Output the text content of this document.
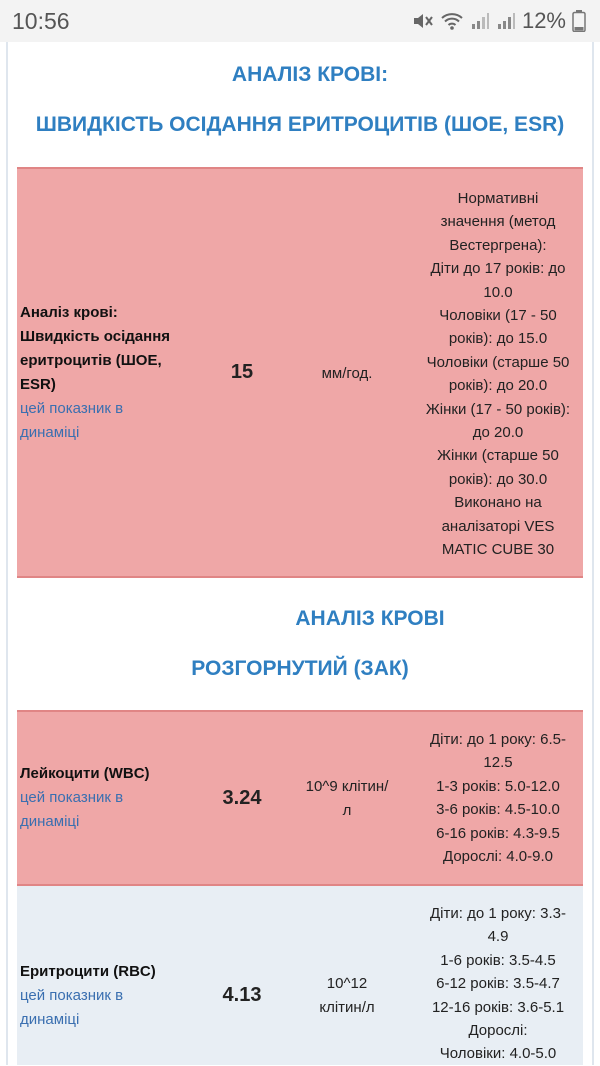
10:56	12%
АНАЛІЗ КРОВІ:
ШВИДКІСТЬ ОСІДАННЯ ЕРИТРОЦИТІВ (ШОЕ, ESR)
Аналіз крові:
Швидкість осідання
еритроцитів (ШОЕ,
ESR)
цей показник в
динаміці
15	мм/год.
Нормативні
значення (метод
Вестергрена):
Діти до 17 років: до
10.0
Чоловіки (17 - 50
років): до 15.0
Чоловіки (старше 50
років): до 20.0
Жінки (17 - 50 років):
до 20.0
Жінки (старше 50
років): до 30.0
Виконано на
аналізаторі VES
MATIC CUBE 30
АНАЛІЗ КРОВІ
РОЗГОРНУТИЙ (ЗАК)
Лейкоцити (WBC)
цей показник в
динаміці
3.24
10^9 клітин/
л
Діти: до 1 року: 6.5-
12.5
1-3 років: 5.0-12.0
3-6 років: 4.5-10.0
6-16 років: 4.3-9.5
Дорослі: 4.0-9.0
Еритроцити (RBC)
цей показник в
динаміці
4.13
10^12
клітин/л
Діти: до 1 року: 3.3-
4.9
1-6 років: 3.5-4.5
6-12 років: 3.5-4.7
12-16 років: 3.6-5.1
Дорослі:
Чоловіки: 4.0-5.0
